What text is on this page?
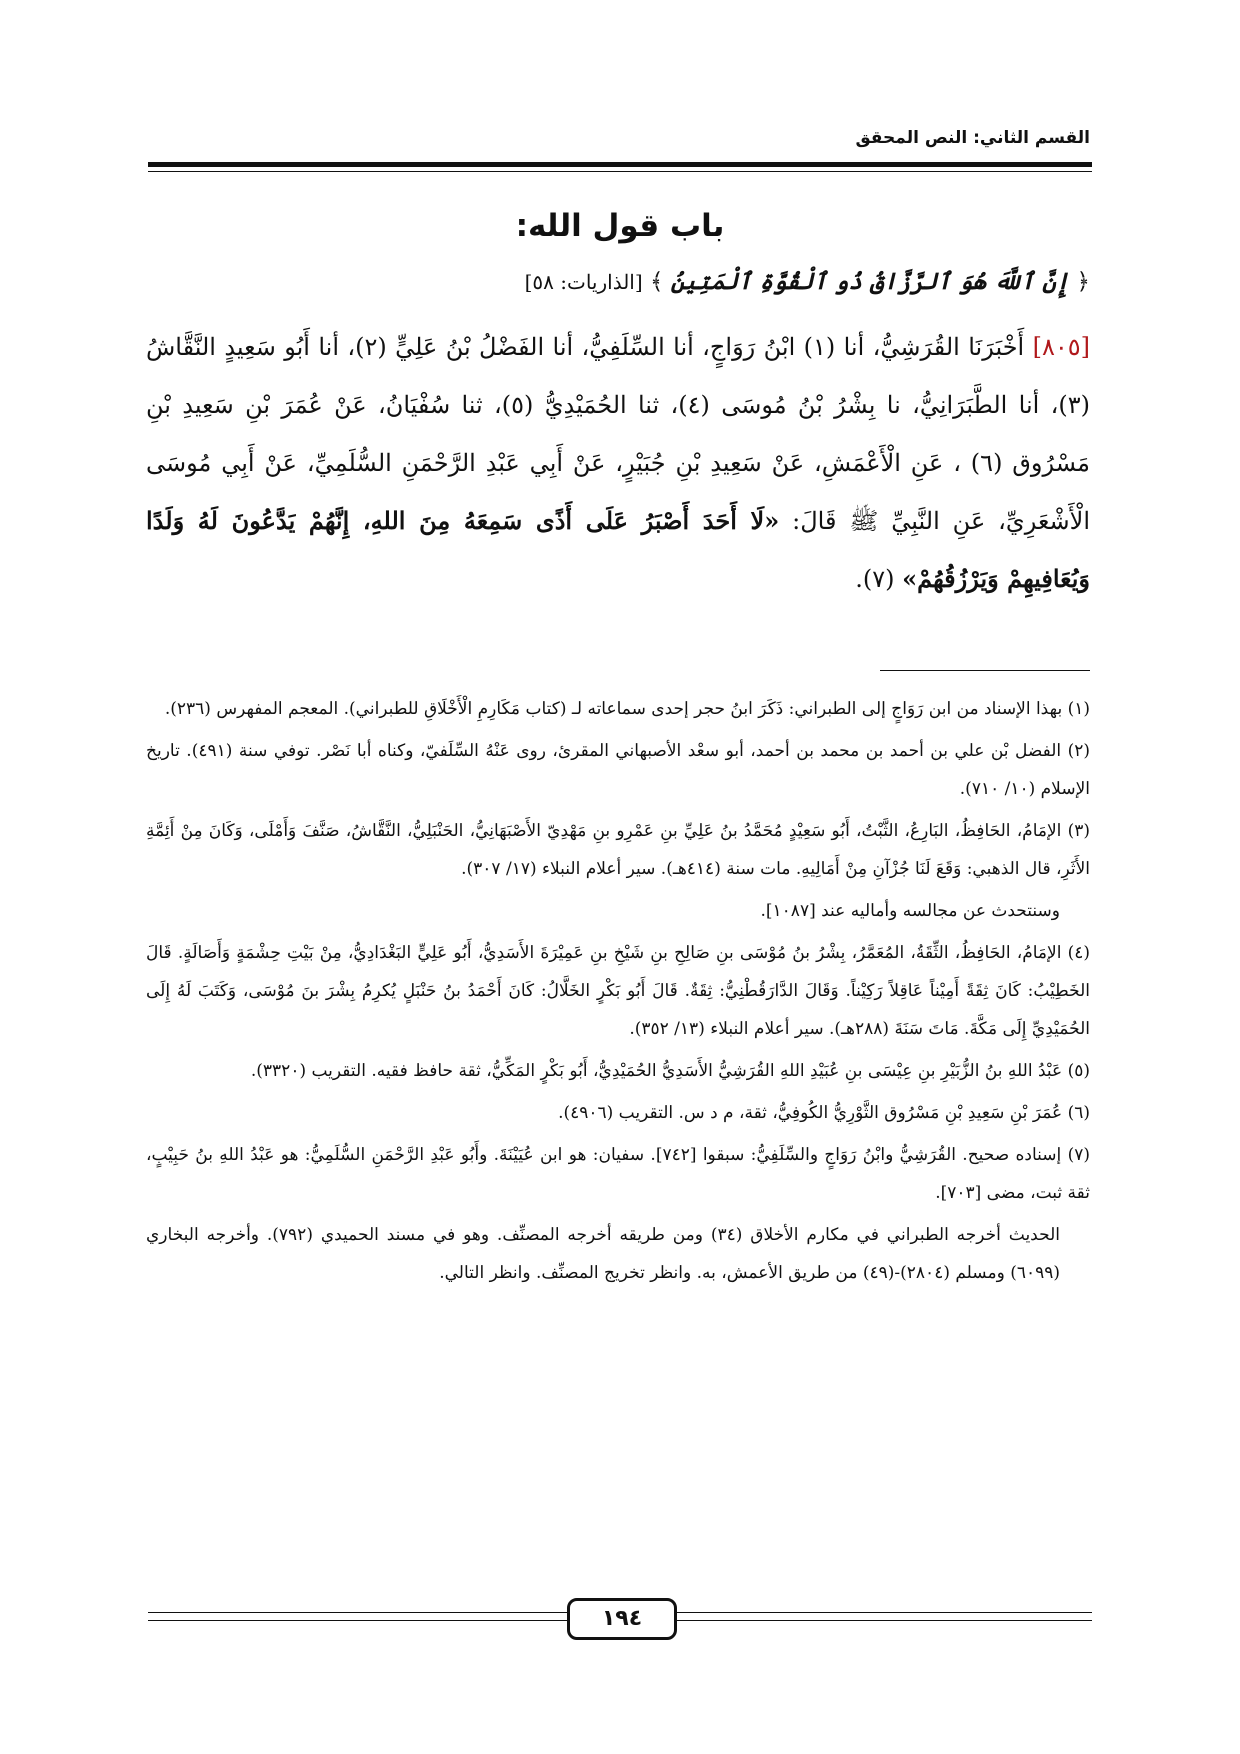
القسم الثاني: النص المحقق
باب قول الله:
﴿ إِنَّ ٱللَّهَ هُوَ ٱلرَّزَّاقُ ذُو ٱلْقُوَّةِ ٱلْمَتِينُ ﴾ [الذاريات: ٥٨]
[٨٠٥] أَخْبَرَنَا القُرَشِيُّ، أنا (١) ابْنُ رَوَاجٍ، أنا السِّلَفِيُّ، أنا الفَضْلُ بْنُ عَلِيٍّ (٢)، أنا أَبُو سَعِيدٍ النَّقَّاشُ (٣)، أنا الطَّبَرَانِيُّ، نا بِشْرُ بْنُ مُوسَى (٤)، ثنا الحُمَيْدِيُّ (٥)، ثنا سُفْيَانُ، عَنْ عُمَرَ بْنِ سَعِيدِ بْنِ مَسْرُوق (٦) ، عَنِ الْأَعْمَشِ، عَنْ سَعِيدِ بْنِ جُبَيْرٍ، عَنْ أَبِي عَبْدِ الرَّحْمَنِ السُّلَمِيِّ، عَنْ أَبِي مُوسَى الْأَشْعَرِيِّ، عَنِ النَّبِيِّ ﷺ قَالَ: «لَا أَحَدَ أَصْبَرُ عَلَى أَذًى سَمِعَهُ مِنَ اللهِ، إِنَّهُمْ يَدَّعُونَ لَهُ وَلَدًا وَيُعَافِيهِمْ وَيَرْزُقُهُمْ» (٧).

(١) بهذا الإسناد من ابن رَوَاجٍ إلى الطبراني: ذَكَرَ ابنُ حجر إحدى سماعاته لـ (كتاب مَكَارِمِ الْأَخْلَاقِ للطبراني). المعجم المفهرس (٢٣٦).

(٢) الفضل بْن علي بن أحمد بن محمد بن أحمد، أبو سعْد الأصبهاني المقرئ، روى عَنْهُ السِّلَفيّ، وكناه أبا نَصْر. توفي سنة (٤٩١). تاريخ الإسلام (١٠/ ٧١٠).

(٣) الإمَامُ، الحَافِظُ، البَارِعُ، الثَّبْتُ، أَبُو سَعِيْدٍ مُحَمَّدُ بنُ عَلِيِّ بنِ عَمْرِو بنِ مَهْدِيّ الأَصْبَهَانِيُّ، الحَنْبَلِيُّ، النَّقَّاشُ، صَنَّفَ وَأَمْلَى، وَكَانَ مِنْ أَئِمَّةِ الأَثَرِ، قال الذهبي: وَقَعَ لَنَا جُزْآنِ مِنْ أَمَالِيهِ. مات سنة (٤١٤هـ). سير أعلام النبلاء (١٧/ ٣٠٧).

وسنتحدث عن مجالسه وأماليه عند [١٠٨٧].

(٤) الإمَامُ، الحَافِظُ، الثِّقَةُ، المُعَمَّرُ، بِشْرُ بنُ مُوْسَى بنِ صَالِحِ بنِ شَيْخِ بنِ عَمِيْرَةَ الأَسَدِيُّ، أَبُو عَلِيٍّ البَغْدَادِيُّ، مِنْ بَيْتِ حِشْمَةٍ وَأَصَالَةٍ. قَالَ الخَطِيْبُ: كَانَ ثِقَةً أَمِيْناً عَاقِلاً رَكِيْناً. وَقَالَ الدَّارَقُطْنِيُّ: ثِقَةٌ. قَالَ أَبُو بَكْرٍ الخَلَّالُ: كَانَ أَحْمَدُ بنُ حَنْبَلٍ يُكرِمُ بِشْرَ بنَ مُوْسَى، وَكَتَبَ لَهُ إِلَى الحُمَيْدِيِّ إِلَى مَكَّةَ. مَاتَ سَنَةَ (٢٨٨هـ). سير أعلام النبلاء (١٣/ ٣٥٢).

(٥) عَبْدُ اللهِ بنُ الزُّبَيْرِ بنِ عِيْسَى بنِ عُبَيْدِ اللهِ القُرَشِيُّ الأَسَدِيُّ الحُمَيْدِيُّ، أَبُو بَكْرٍ المَكِّيُّ، ثقة حافظ فقيه. التقريب (٣٣٢٠).

(٦) عُمَرَ بْنِ سَعِيدِ بْنِ مَسْرُوق الثَّوْرِيُّ الكُوفِيُّ، ثقة، م د س. التقريب (٤٩٠٦).

(٧) إسناده صحيح. القُرَشِيُّ وابْنُ رَوَاجٍ والسِّلَفِيُّ: سبقوا [٧٤٢]. سفيان: هو ابن عُيَيْنَةَ. وأَبُو عَبْدِ الرَّحْمَنِ السُّلَمِيُّ: هو عَبْدُ اللهِ بنُ حَبِيْبٍ، ثقة ثبت، مضى [٧٠٣].

الحديث أخرجه الطبراني في مكارم الأخلاق (٣٤) ومن طريقه أخرجه المصنِّف. وهو في مسند الحميدي (٧٩٢). وأخرجه البخاري (٦٠٩٩) ومسلم (٢٨٠٤)-(٤٩) من طريق الأعمش، به. وانظر تخريج المصنِّف. وانظر التالي.

١٩٤
